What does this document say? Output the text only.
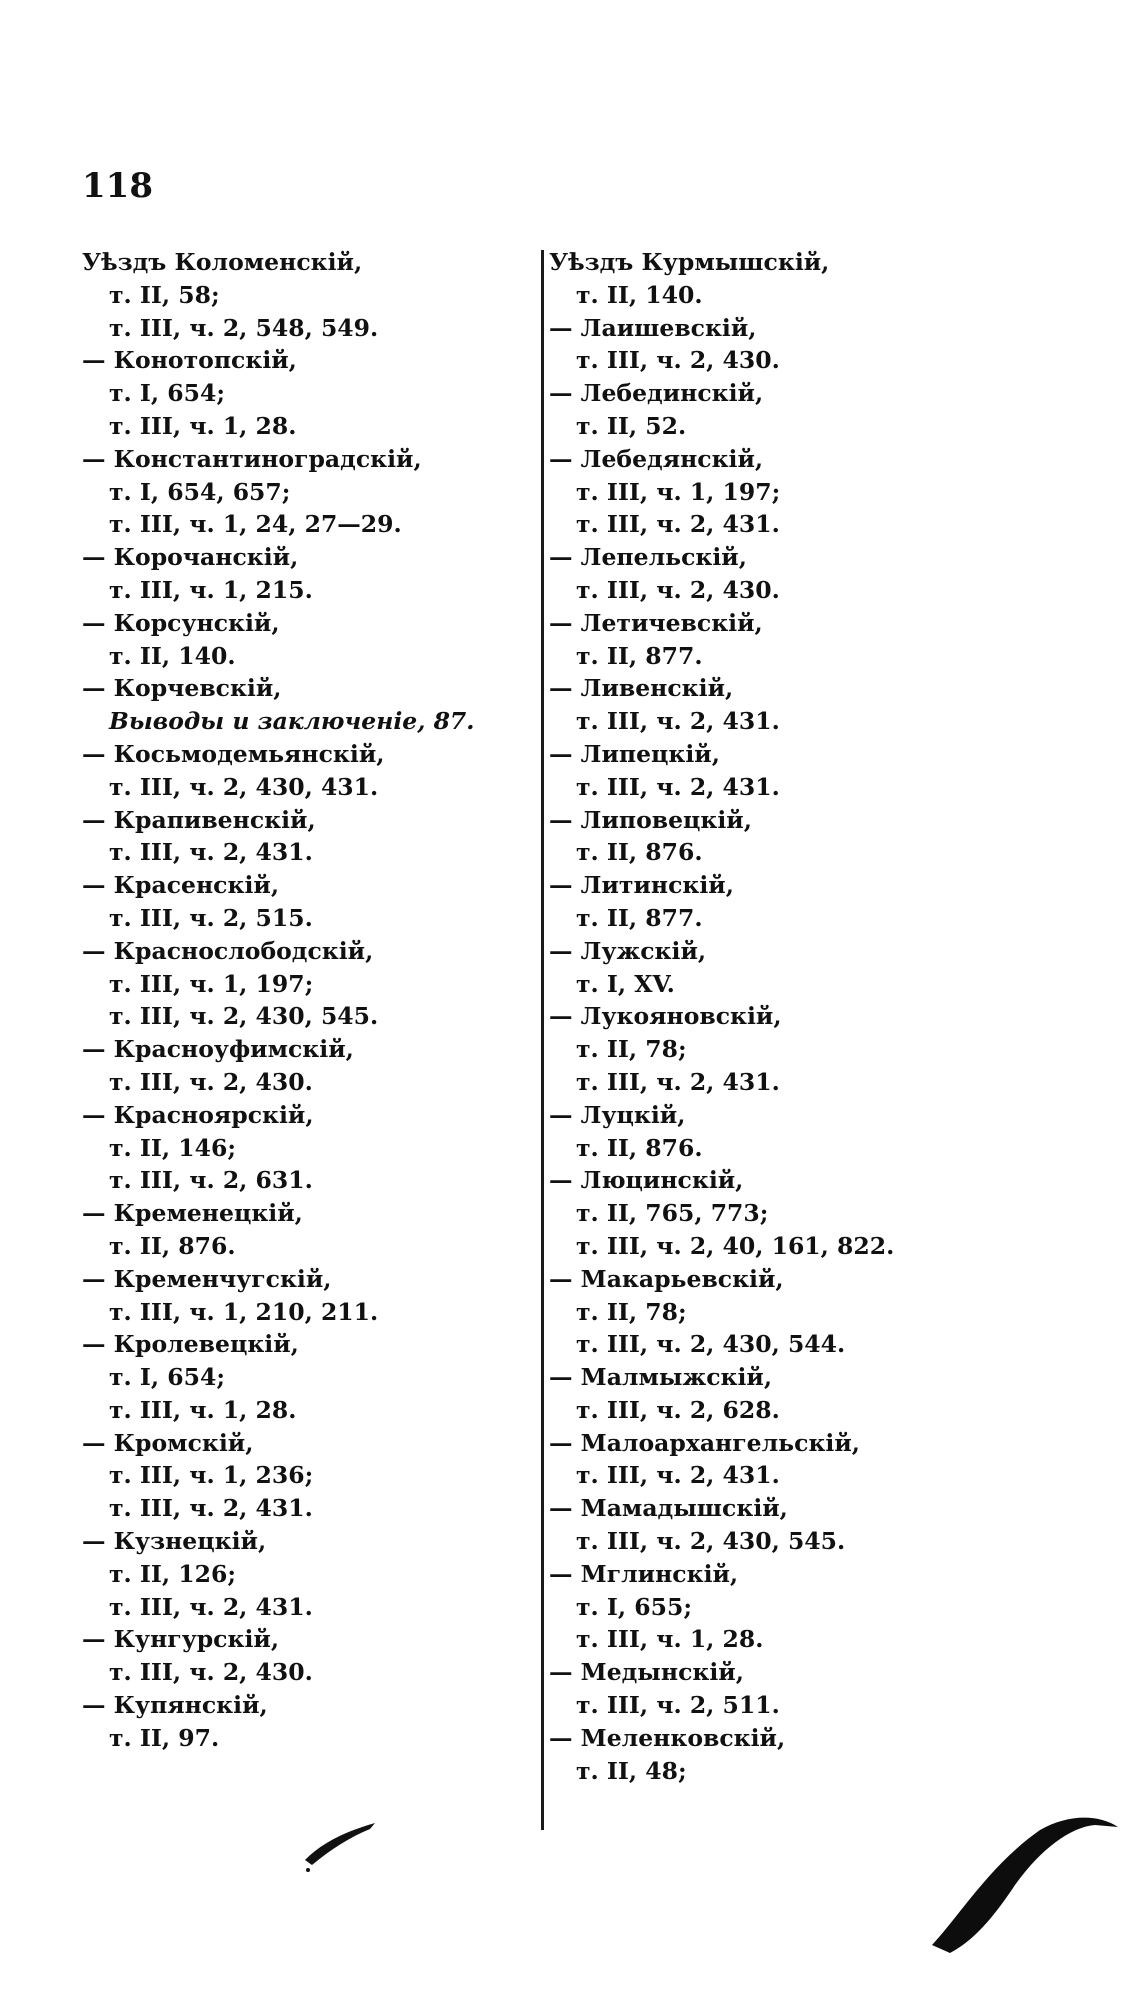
118
Уѣздъ Коломенскій,
т. II, 58;
т. III, ч. 2, 548, 549.
— Конотопскій,
т. I, 654;
т. III, ч. 1, 28.
— Константиноградскій,
т. I, 654, 657;
т. III, ч. 1, 24, 27—29.
— Корочанскій,
т. III, ч. 1, 215.
— Корсунскій,
т. II, 140.
— Корчевскій,
Выводы и заключеніе, 87.
— Косьмодемьянскій,
т. III, ч. 2, 430, 431.
— Крапивенскій,
т. III, ч. 2, 431.
— Красенскій,
т. III, ч. 2, 515.
— Краснослободскій,
т. III, ч. 1, 197;
т. III, ч. 2, 430, 545.
— Красноуфимскій,
т. III, ч. 2, 430.
— Красноярскій,
т. II, 146;
т. III, ч. 2, 631.
— Кременецкій,
т. II, 876.
— Кременчугскій,
т. III, ч. 1, 210, 211.
— Кролевецкій,
т. I, 654;
т. III, ч. 1, 28.
— Кромскій,
т. III, ч. 1, 236;
т. III, ч. 2, 431.
— Кузнецкій,
т. II, 126;
т. III, ч. 2, 431.
— Кунгурскій,
т. III, ч. 2, 430.
— Купянскій,
т. II, 97.
Уѣздъ Курмышскій,
т. II, 140.
— Лаишевскій,
т. III, ч. 2, 430.
— Лебединскій,
т. II, 52.
— Лебедянскій,
т. III, ч. 1, 197;
т. III, ч. 2, 431.
— Лепельскій,
т. III, ч. 2, 430.
— Летичевскій,
т. II, 877.
— Ливенскій,
т. III, ч. 2, 431.
— Липецкій,
т. III, ч. 2, 431.
— Липовецкій,
т. II, 876.
— Литинскій,
т. II, 877.
— Лужскій,
т. I, XV.
— Лукояновскій,
т. II, 78;
т. III, ч. 2, 431.
— Луцкій,
т. II, 876.
— Люцинскій,
т. II, 765, 773;
т. III, ч. 2, 40, 161, 822.
— Макарьевскій,
т. II, 78;
т. III, ч. 2, 430, 544.
— Малмыжскій,
т. III, ч. 2, 628.
— Малоархангельскій,
т. III, ч. 2, 431.
— Мамадышскій,
т. III, ч. 2, 430, 545.
— Мглинскій,
т. I, 655;
т. III, ч. 1, 28.
— Медынскій,
т. III, ч. 2, 511.
— Меленковскій,
т. II, 48;
